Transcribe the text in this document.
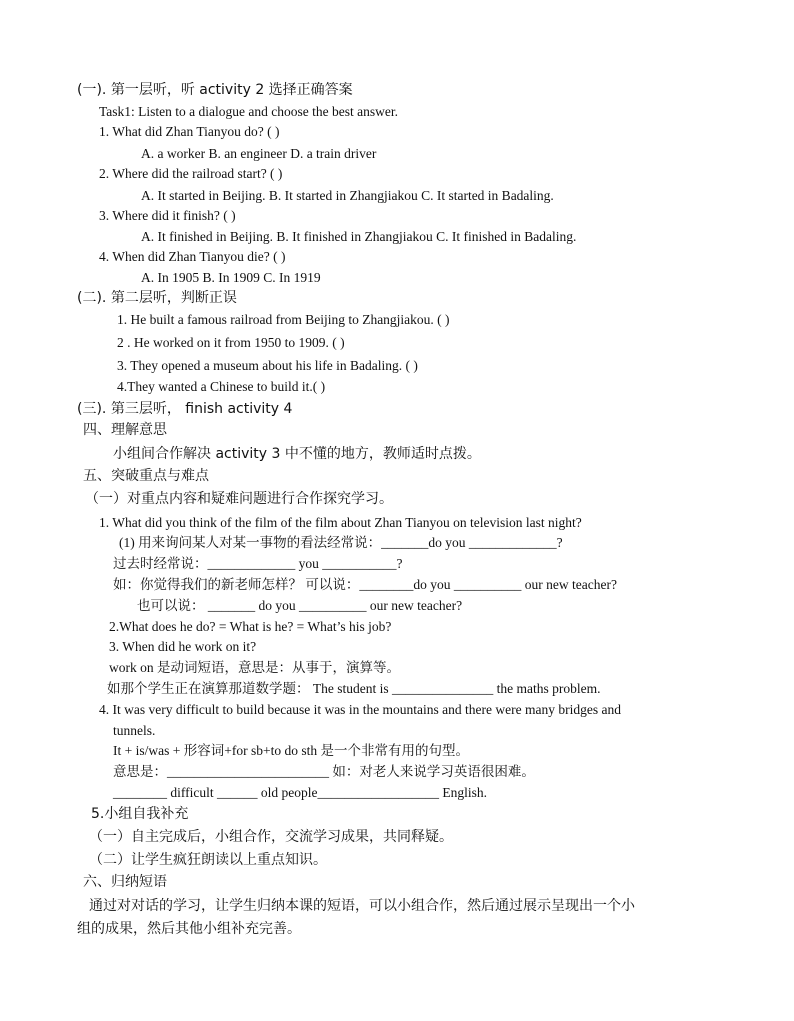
(一). 第一层听，听 activity 2 选择正确答案
Task1: Listen to a dialogue and choose the best answer.
1. What did Zhan Tianyou do? ( )
A. a worker B. an engineer D. a train driver
2. Where did the railroad start? ( )
A. It started in Beijing. B. It started in Zhangjiakou C. It started in Badaling.
3. Where did it finish? ( )
A. It finished in Beijing. B. It finished in Zhangjiakou C. It finished in Badaling.
4. When did Zhan Tianyou die? ( )
A. In 1905 B. In 1909 C. In 1919
(二). 第二层听，判断正误
1. He built a famous railroad from Beijing to Zhangjiakou. ( )
2 . He worked on it from 1950 to 1909. ( )
3. They opened a museum about his life in Badaling. ( )
4.They wanted a Chinese to build it.( )
(三). 第三层听， finish activity 4
四、理解意思
小组间合作解决 activity 3 中不懂的地方，教师适时点拨。
五、突破重点与难点
（一）对重点内容和疑难问题进行合作探究学习。
1. What did you think of the film of the film about Zhan Tianyou on television last night?
(1) 用来询问某人对某一事物的看法经常说：_______do you _____________?
过去时经常说：_____________ you ___________?
如：你觉得我们的新老师怎样？ 可以说：________do you __________ our new teacher?
也可以说： _______ do you __________ our new teacher?
2.What does he do? = What is he? = What’s his job?
3. When did he work on it?
work on 是动词短语，意思是：从事于，演算等。
如那个学生正在演算那道数学题： The student is _______________ the maths problem.
4. It was very difficult to build because it was in the mountains and there were many bridges and
tunnels.
It + is/was + 形容词+for sb+to do sth 是一个非常有用的句型。
意思是：________________________ 如：对老人来说学习英语很困难。
________ difficult ______ old people__________________ English.
5.小组自我补充
（一）自主完成后，小组合作，交流学习成果，共同释疑。
（二）让学生疯狂朗读以上重点知识。
六、归纳短语
通过对对话的学习，让学生归纳本课的短语，可以小组合作，然后通过展示呈现出一个小
组的成果，然后其他小组补充完善。
